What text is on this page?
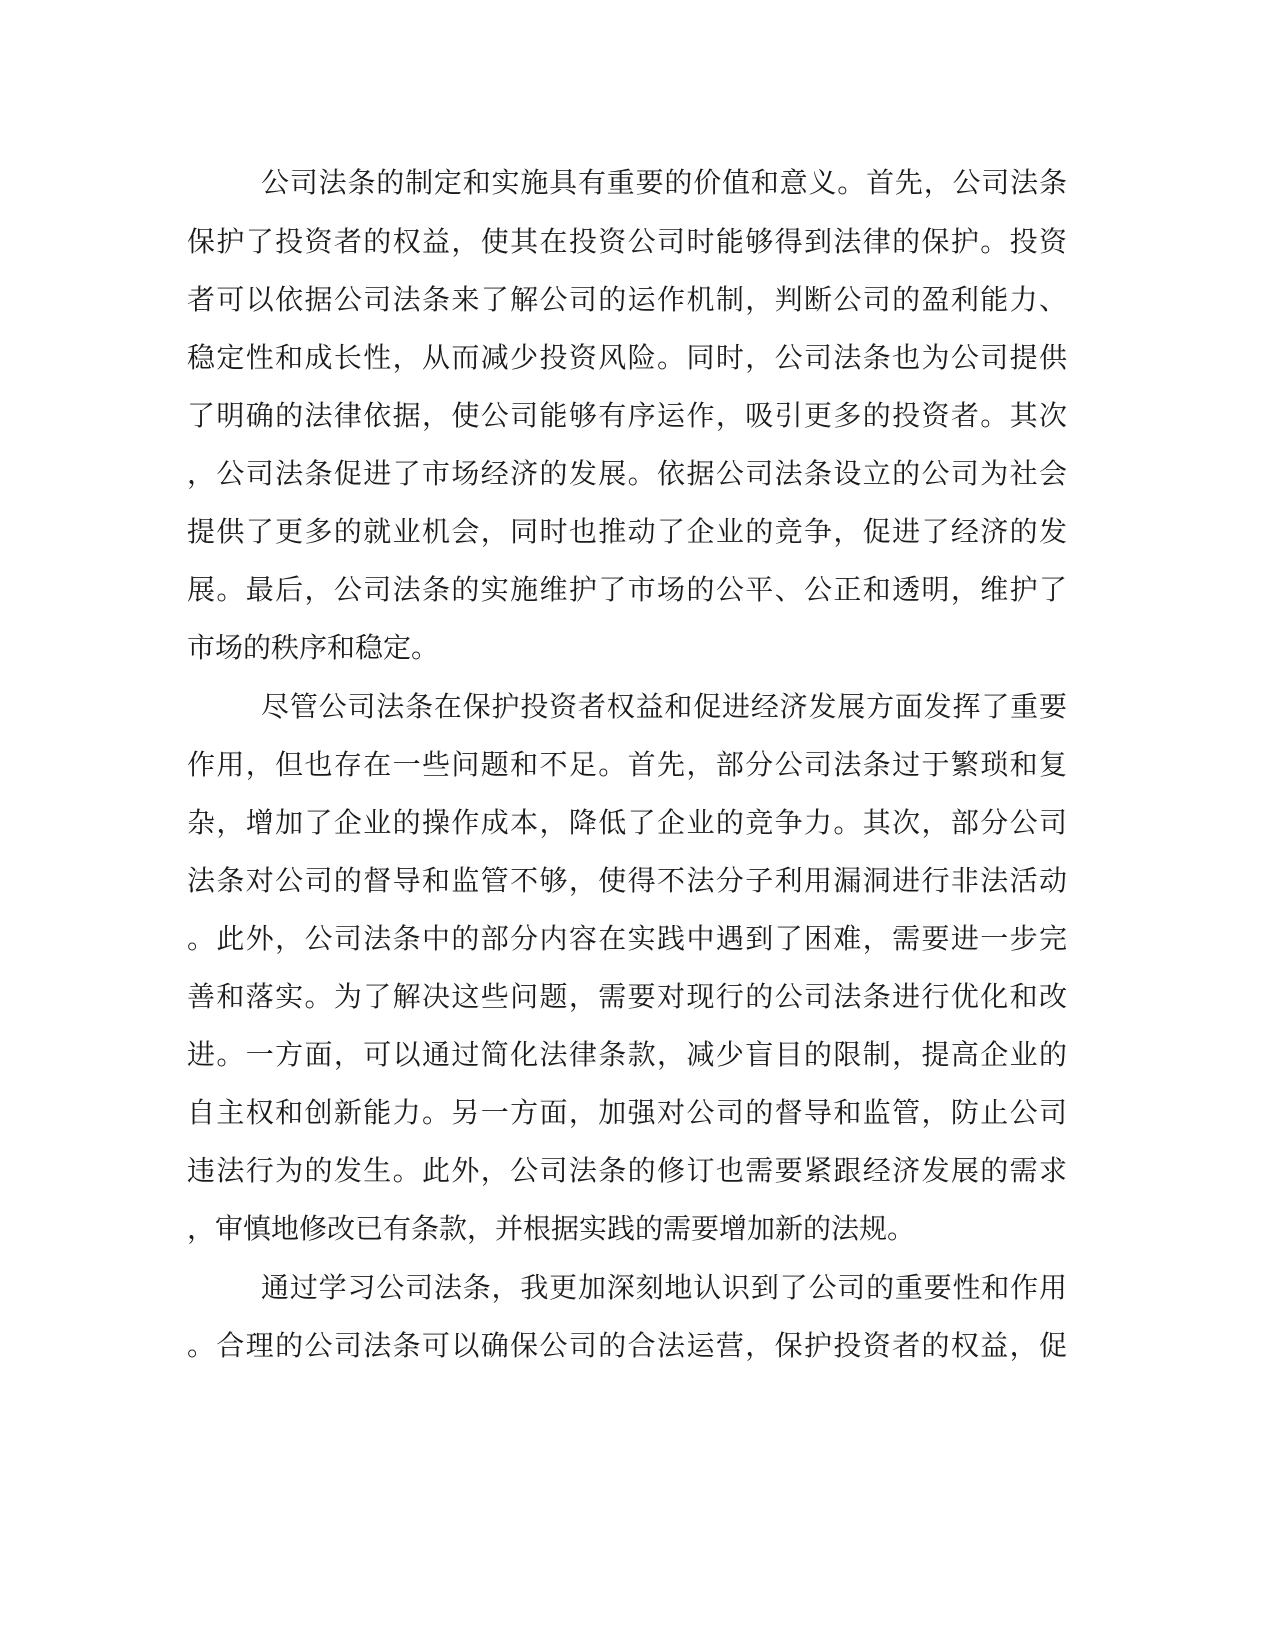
公司法条的制定和实施具有重要的价值和意义。首先，公司法条
保护了投资者的权益，使其在投资公司时能够得到法律的保护。投资
者可以依据公司法条来了解公司的运作机制，判断公司的盈利能力、
稳定性和成长性，从而减少投资风险。同时，公司法条也为公司提供
了明确的法律依据，使公司能够有序运作，吸引更多的投资者。其次
，公司法条促进了市场经济的发展。依据公司法条设立的公司为社会
提供了更多的就业机会，同时也推动了企业的竞争，促进了经济的发
展。最后，公司法条的实施维护了市场的公平、公正和透明，维护了
市场的秩序和稳定。
尽管公司法条在保护投资者权益和促进经济发展方面发挥了重要
作用，但也存在一些问题和不足。首先，部分公司法条过于繁琐和复
杂，增加了企业的操作成本，降低了企业的竞争力。其次，部分公司
法条对公司的督导和监管不够，使得不法分子利用漏洞进行非法活动
。此外，公司法条中的部分内容在实践中遇到了困难，需要进一步完
善和落实。为了解决这些问题，需要对现行的公司法条进行优化和改
进。一方面，可以通过简化法律条款，减少盲目的限制，提高企业的
自主权和创新能力。另一方面，加强对公司的督导和监管，防止公司
违法行为的发生。此外，公司法条的修订也需要紧跟经济发展的需求
，审慎地修改已有条款，并根据实践的需要增加新的法规。
通过学习公司法条，我更加深刻地认识到了公司的重要性和作用
。合理的公司法条可以确保公司的合法运营，保护投资者的权益，促
